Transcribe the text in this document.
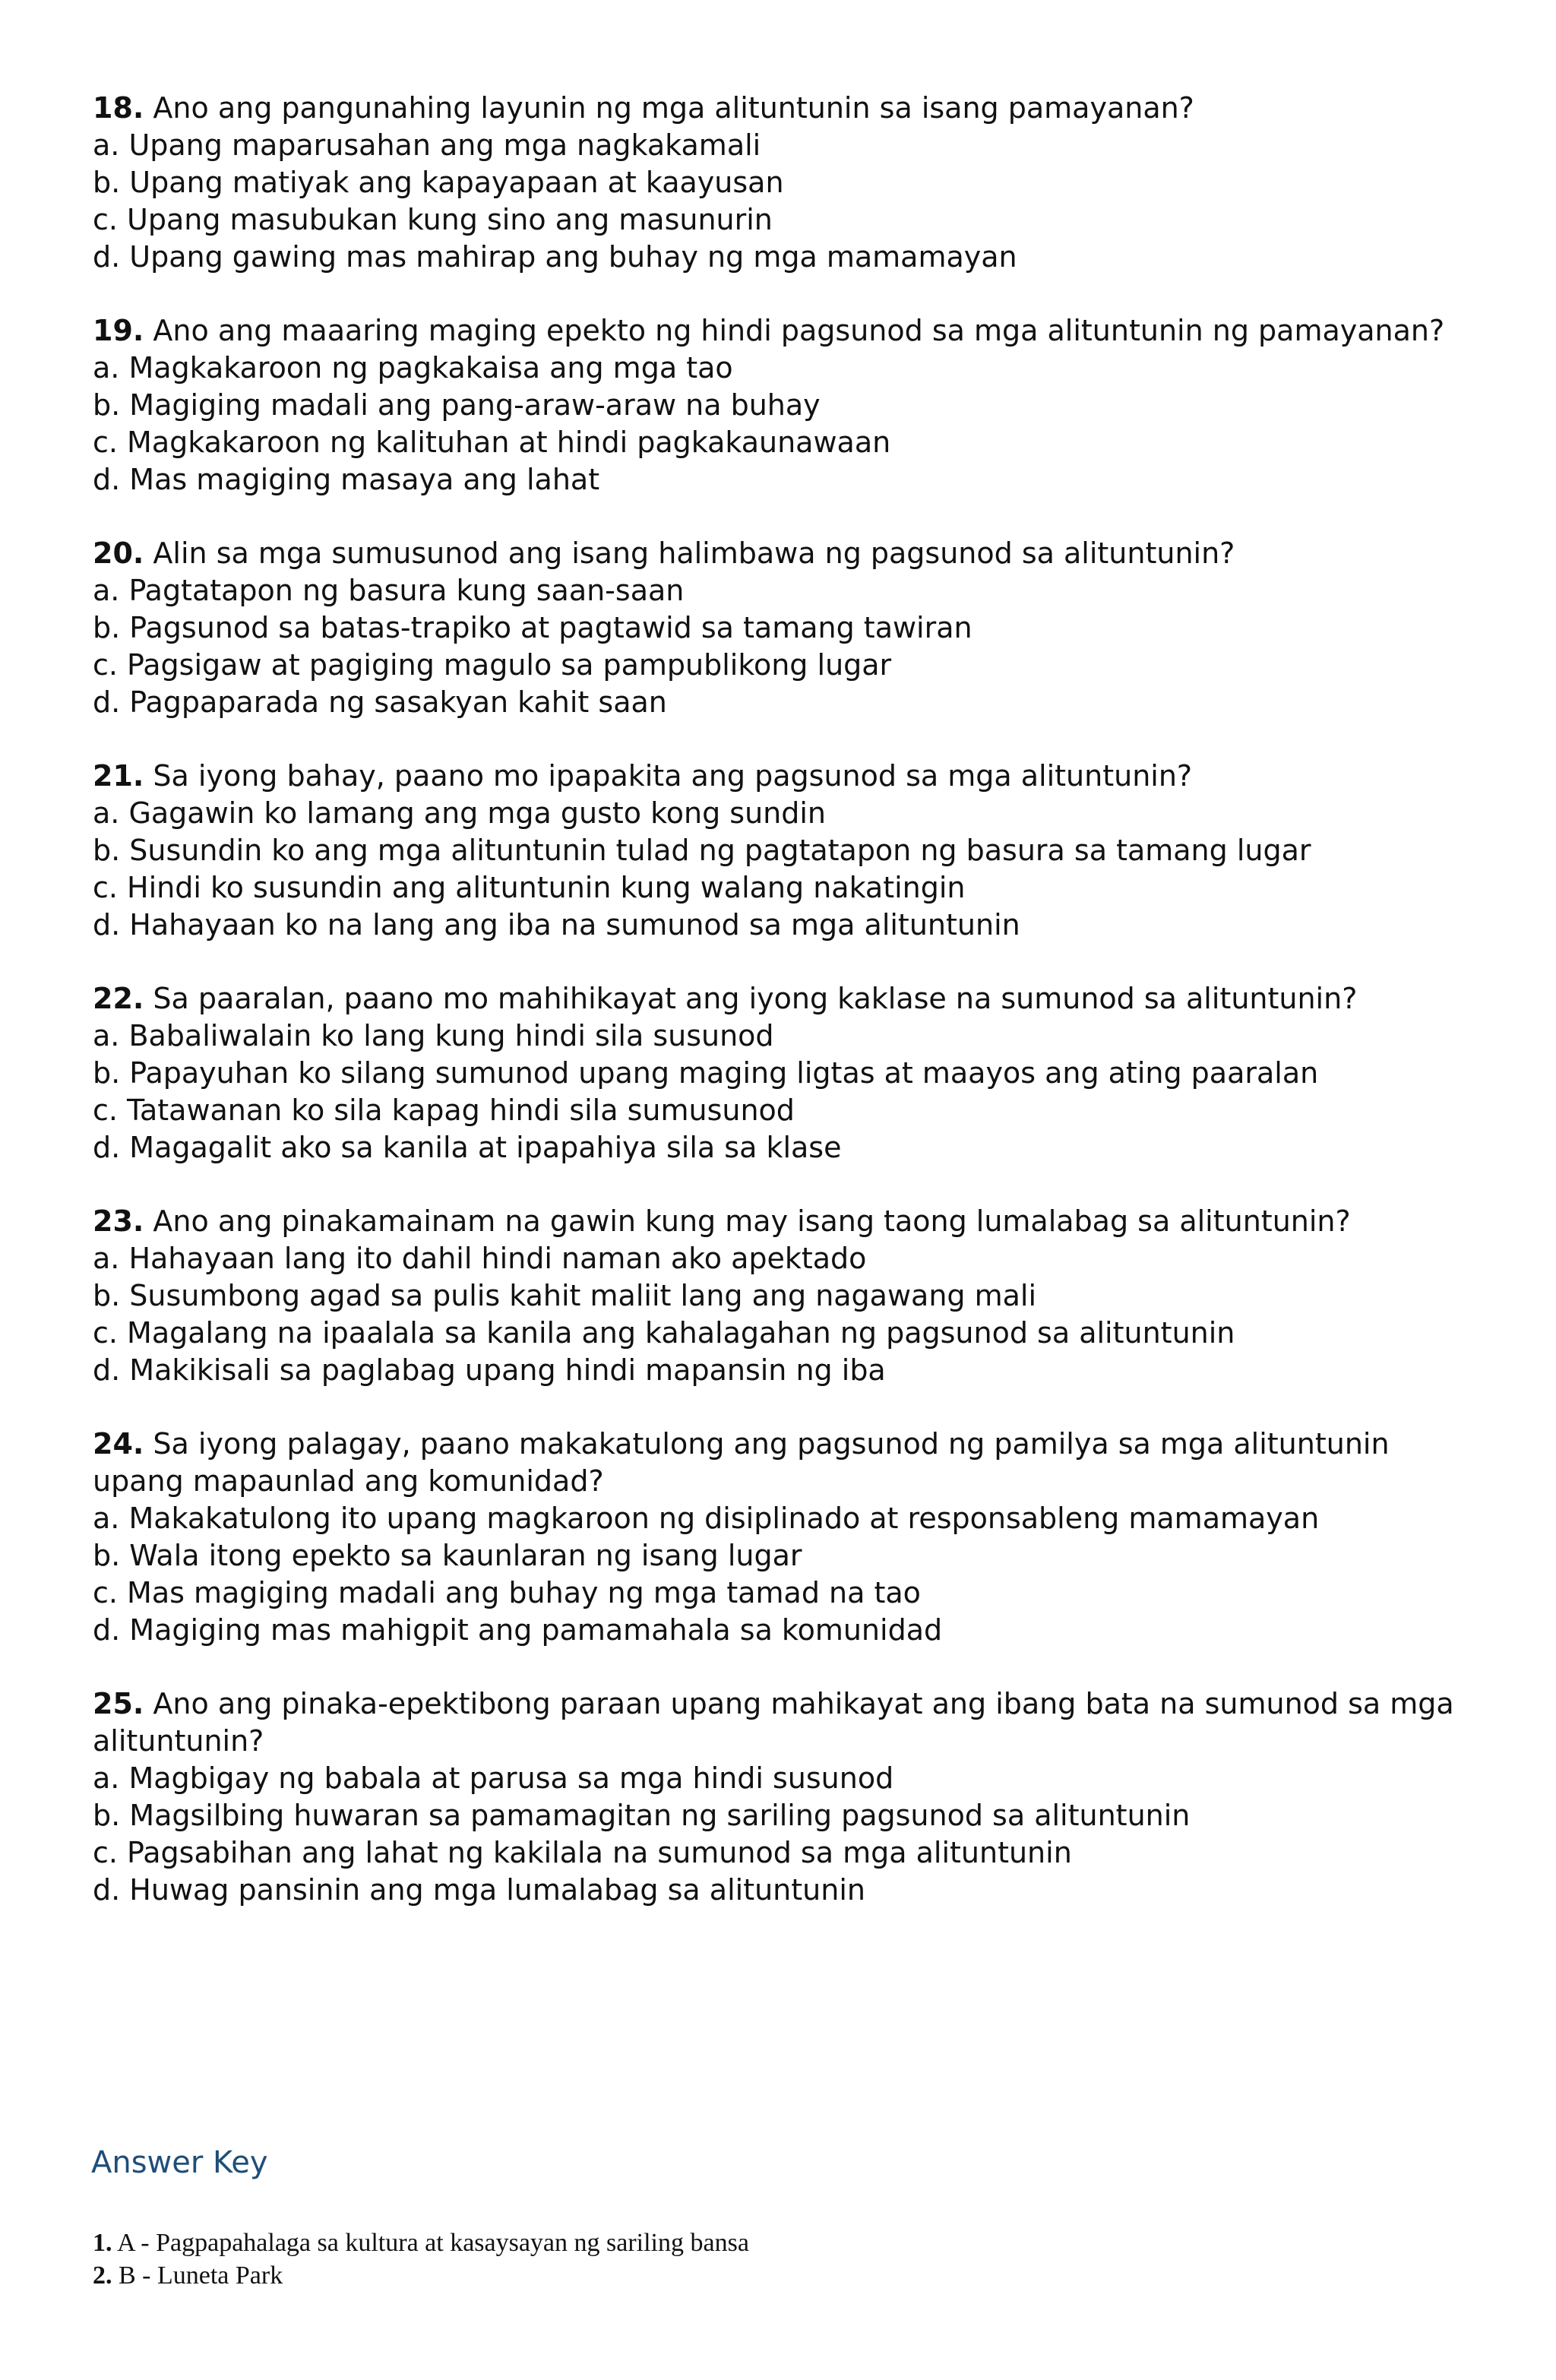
18. Ano ang pangunahing layunin ng mga alituntunin sa isang pamayanan?
a. Upang maparusahan ang mga nagkakamali
b. Upang matiyak ang kapayapaan at kaayusan
c. Upang masubukan kung sino ang masunurin
d. Upang gawing mas mahirap ang buhay ng mga mamamayan
19. Ano ang maaaring maging epekto ng hindi pagsunod sa mga alituntunin ng pamayanan?
a. Magkakaroon ng pagkakaisa ang mga tao
b. Magiging madali ang pang-araw-araw na buhay
c. Magkakaroon ng kalituhan at hindi pagkakaunawaan
d. Mas magiging masaya ang lahat
20. Alin sa mga sumusunod ang isang halimbawa ng pagsunod sa alituntunin?
a. Pagtatapon ng basura kung saan-saan
b. Pagsunod sa batas-trapiko at pagtawid sa tamang tawiran
c. Pagsigaw at pagiging magulo sa pampublikong lugar
d. Pagpaparada ng sasakyan kahit saan
21. Sa iyong bahay, paano mo ipapakita ang pagsunod sa mga alituntunin?
a. Gagawin ko lamang ang mga gusto kong sundin
b. Susundin ko ang mga alituntunin tulad ng pagtatapon ng basura sa tamang lugar
c. Hindi ko susundin ang alituntunin kung walang nakatingin
d. Hahayaan ko na lang ang iba na sumunod sa mga alituntunin
22. Sa paaralan, paano mo mahihikayat ang iyong kaklase na sumunod sa alituntunin?
a. Babaliwalain ko lang kung hindi sila susunod
b. Papayuhan ko silang sumunod upang maging ligtas at maayos ang ating paaralan
c. Tatawanan ko sila kapag hindi sila sumusunod
d. Magagalit ako sa kanila at ipapahiya sila sa klase
23. Ano ang pinakamainam na gawin kung may isang taong lumalabag sa alituntunin?
a. Hahayaan lang ito dahil hindi naman ako apektado
b. Susumbong agad sa pulis kahit maliit lang ang nagawang mali
c. Magalang na ipaalala sa kanila ang kahalagahan ng pagsunod sa alituntunin
d. Makikisali sa paglabag upang hindi mapansin ng iba
24. Sa iyong palagay, paano makakatulong ang pagsunod ng pamilya sa mga alituntunin upang mapaunlad ang komunidad?
a. Makakatulong ito upang magkaroon ng disiplinado at responsableng mamamayan
b. Wala itong epekto sa kaunlaran ng isang lugar
c. Mas magiging madali ang buhay ng mga tamad na tao
d. Magiging mas mahigpit ang pamamahala sa komunidad
25. Ano ang pinaka-epektibong paraan upang mahikayat ang ibang bata na sumunod sa mga alituntunin?
a. Magbigay ng babala at parusa sa mga hindi susunod
b. Magsilbing huwaran sa pamamagitan ng sariling pagsunod sa alituntunin
c. Pagsabihan ang lahat ng kakilala na sumunod sa mga alituntunin
d. Huwag pansinin ang mga lumalabag sa alituntunin
Answer Key
1. A - Pagpapahalaga sa kultura at kasaysayan ng sariling bansa
2. B - Luneta Park
